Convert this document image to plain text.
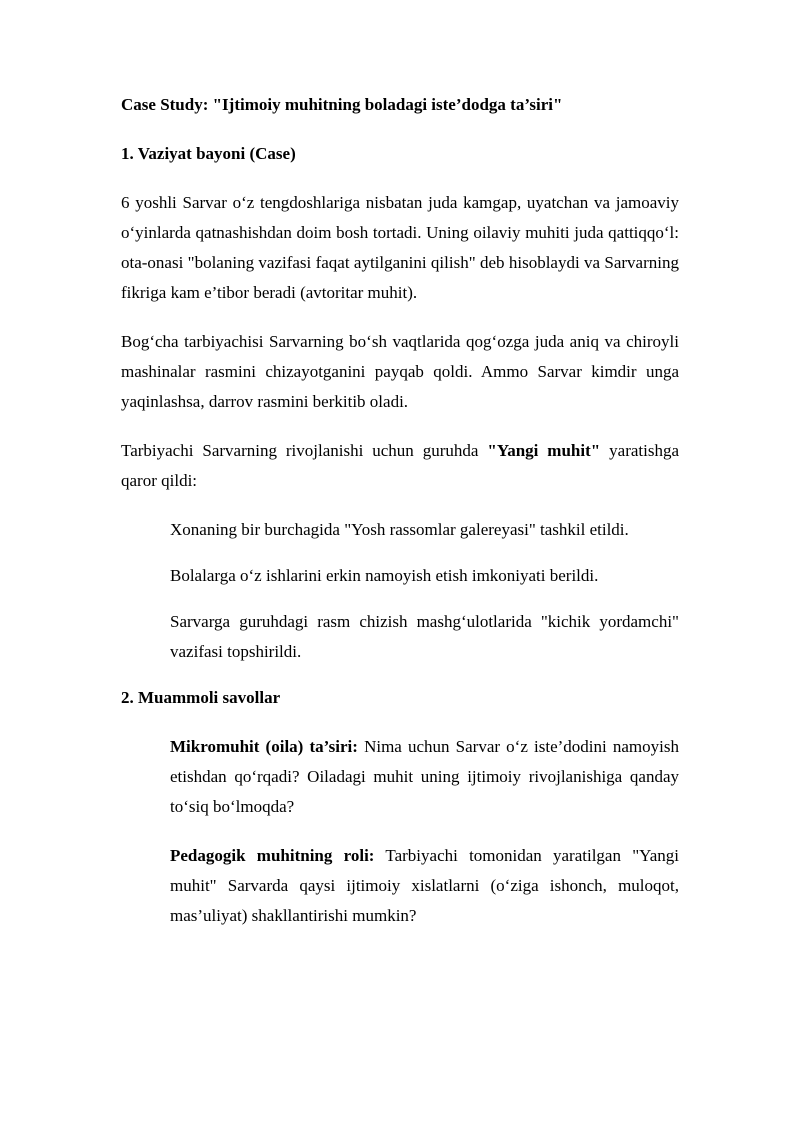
Case Study: "Ijtimoiy muhitning boladagi iste’dodga ta’siri"
1. Vaziyat bayoni (Case)

6 yoshli Sarvar o‘z tengdoshlariga nisbatan juda kamgap, uyatchan va jamoaviy o‘yinlarda qatnashishdan doim bosh tortadi. Uning oilaviy muhiti juda qattiqqo‘l: ota-onasi "bolaning vazifasi faqat aytilganini qilish" deb hisoblaydi va Sarvarning fikriga kam e’tibor beradi (avtoritar muhit).

Bog‘cha tarbiyachisi Sarvarning bo‘sh vaqtlarida qog‘ozga juda aniq va chiroyli mashinalar rasmini chizayotganini payqab qoldi. Ammo Sarvar kimdir unga yaqinlashsa, darrov rasmini berkitib oladi.

Tarbiyachi Sarvarning rivojlanishi uchun guruhda "Yangi muhit" yaratishga qaror qildi:

Xonaning bir burchagida "Yosh rassomlar galereyasi" tashkil etildi.

Bolalarga o‘z ishlarini erkin namoyish etish imkoniyati berildi.

Sarvarga guruhdagi rasm chizish mashg‘ulotlarida "kichik yordamchi" vazifasi topshirildi.

2. Muammoli savollar

Mikromuhit (oila) ta’siri: Nima uchun Sarvar o‘z iste’dodini namoyish etishdan qo‘rqadi? Oiladagi muhit uning ijtimoiy rivojlanishiga qanday to‘siq bo‘lmoqda?

Pedagogik muhitning roli: Tarbiyachi tomonidan yaratilgan "Yangi muhit" Sarvarda qaysi ijtimoiy xislatlarni (o‘ziga ishonch, muloqot, mas’uliyat) shakllantirishi mumkin?
